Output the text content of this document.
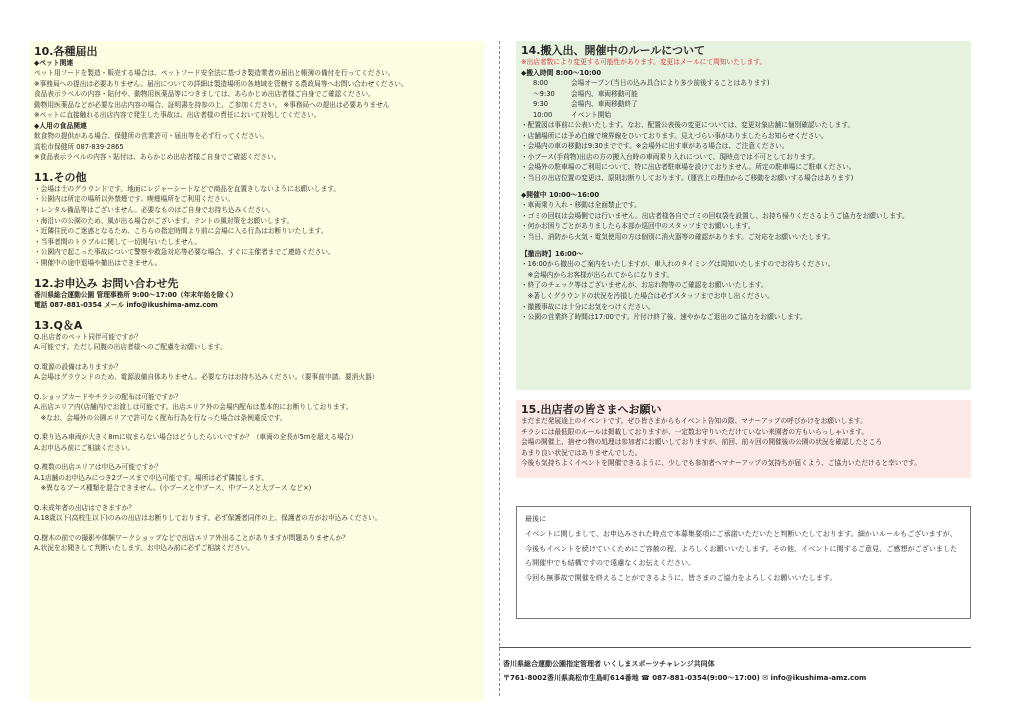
10.各種届出
◆ペット関連
ペット用フードを製造・販売する場合は、ペットフード安全法に基づき製造業者の届出と帳簿の備付を行ってください。
※事務局への提出は必要ありません。届出についての詳細は製造場所の各地域を管轄する農政局等へお問い合わせください。
食品表示ラベルの内容・貼付や、動物用医薬品等につきましては、あらかじめ出店者様ご自身でご確認ください。
動物用医薬品などが必要な出店内容の場合、証明書を持参の上、ご参加ください。 ※事務局への提出は必要ありません
※ペットに直接触れる出店内容で発生した事故は、出店者様の責任において対処してください。
◆人用の食品関連
飲食物の提供がある場合、保健所の営業許可・届出等を必ず行ってください。
高松市保健所 087-839-2865
※食品表示ラベルの内容・貼付は、あらかじめ出店者様ご自身でご確認ください。
11.その他
・会場は土のグラウンドです。地面にレジャーシートなどで商品を直置きしないようにお願いします。
・公園内は所定の場所以外禁煙です。喫煙場所をご利用ください。
・レンタル備品等はございません。必要なものはご自身でお持ち込みください。
・海沿いの公園のため、風が出る場合がございます。テントの風対策をお願いします。
・近隣住民のご迷惑となるため、こちらの指定時間より前に会場に入る行為はお断りいたします。
・当事者間のトラブルに関して一切関与いたしません。
・公園内で起こった事故について警察や救急対応等必要な場合、すぐに主催者までご連絡ください。
・開催中の途中退場や撤出はできません。
12.お申込み お問い合わせ先
香川県総合運動公園 管理事務所 9:00～17:00（年末年始を除く）
電話 087-881-0354 メール info@ikushima-amz.com
13.Q＆A
Q.出店者のペット同伴可能ですか？
A.可能です。ただし同腹の出店者様へのご配慮をお願いします。
Q.電源の設備はありますか？
A.会場はグラウンドのため、電源設備自体ありません。必要な方はお持ち込みください。（要事前申請、要消火器）
Q.ショップカードやチラシの配布は可能ですか？
A.出店エリア内(店舗内)でお渡しは可能です。出店エリア外の会場内配布は基本的にお断りしております。
　※なお、会場外の公園エリアで許可なく配布行為を行なった場合は条例違反です。
Q.乗り込み車両が大きく8mに収まらない場合はどうしたらいいですか？（車両の全長が5mを超える場合）
A.お申込み前にご相談ください。
Q.複数の出店エリアは申込み可能ですか？
A.1店舗のお申込みにつき2ブースまで申込可能です。場所は必ず隣接します。
　※異なるブース種類を混合できません。(小ブースと中ブース、中ブースと大ブース など×)
Q.未成年者の出店はできますか？
A.18歳以下(高校生以下)のみの出店はお断りしております。必ず保護者同伴の上、保護者の方がお申込みください。
Q.樹木の前での撮影や体験ワークショップなどで出店エリア外出ることがありますが問題ありませんか？
A.状況をお聞きして判断いたします。お申込み前に必ずご相談ください。
14.搬入出、開催中のルールについて
※出店者数により変更する可能性があります。変更はメールにて周知いたします。
◆搬入時間 8:00～10:00
8:00	会場オープン(当日の込み具合により多少前後することはあります)
～9:30	会場内、車両移動可能
9:30	会場内、車両移動終了
10:00	イベント開始
・配置図は事前に公表いたします。なお、配置公表後の変更については、変更対象店舗に個別確認いたします。
・店舗場所には予め白線で境界線をひいております。見えづらい事がありましたらお知らせください。
・会場内の車の移動は9:30までです。※会場外に出す車がある場合は、ご注意ください。
・小ブース(手荷物)出店の方の搬入台時の車両乗り入れについて、現時点では不可としております。
・会場外の駐車場のご利用について、特に出店者駐車場を設けておりません。所定の駐車場にご駐車ください。
・当日の出店位置の変更は、原則お断りしております。(運営上の理由からご移動をお願いする場合はあります)
◆開催中 10:00～16:00
・車両乗り入れ・移動は全面禁止です。
・ゴミの回収は会場側では行いません。出店者様各自でゴミの回収袋を設置し、お持ち帰りくださるようご協力をお願いします。
・何かお困りごとがありましたら本部か巡回中のスタッフまでお願いします。
・当日、消防から火気・電気使用の方は個別に消火器等の確認があります。ご対応をお願いいたします。
【撤出時】16:00～
・16:00から撤出のご案内をいたしますが、車入れのタイミングは周知いたしますのでお待ちください。
　※会場内からお客様が出られてからになります。
・終了のチェック等はございませんが、お忘れ物等のご確認をお願いいたします。
　※著しくグラウンドの状況を汚損した場合は必ずスタッフまでお申し出ください。
・撤搬事故には十分にお気をつけください。
・公園の営業終了時間は17:00です。片付け終了後、速やかなご退出のご協力をお願いします。
15.出店者の皆さまへお願い
まだまだ発展途上のイベントです。ぜひ皆さまからもイベント告知の際、マナーアップの呼びかけをお願いします。
チラシには最低限のルールは掲載しておりますが、一定数お守りいただけていない来園者の方もいらっしゃいます。
会場の開催上、捨せつ物の処理は参加者にお願いしておりますが、前回、前々回の開催後の公園の状況を確認したところ
あまり良い状況ではありませんでした。
今後も気持ちよくイベントを開催できるように、少しでも参加者へマナーアップの気持ちが届くよう、ご協力いただけると幸いです。
最後に
イベントに関しまして、お申込みされた時点で本募集要項にご承諾いただいたと判断いたしております。細かいルールもございますが、今後もイベントを続けていくためにご容赦の程、よろしくお願いいたします。その他、イベントに関するご意見、ご感想がございましたら開催中でも結構ですので遠慮なくお伝えください。
今回も無事故で開催を終えることができるように、皆さまのご協力をよろしくお願いいたします。
香川県総合運動公園指定管理者 いくしまスポーツチャレンジ共同体
〒761-8002香川県高松市生島町614番地 ☎ 087-881-0354(9:00～17:00) ✉ info@ikushima-amz.com
